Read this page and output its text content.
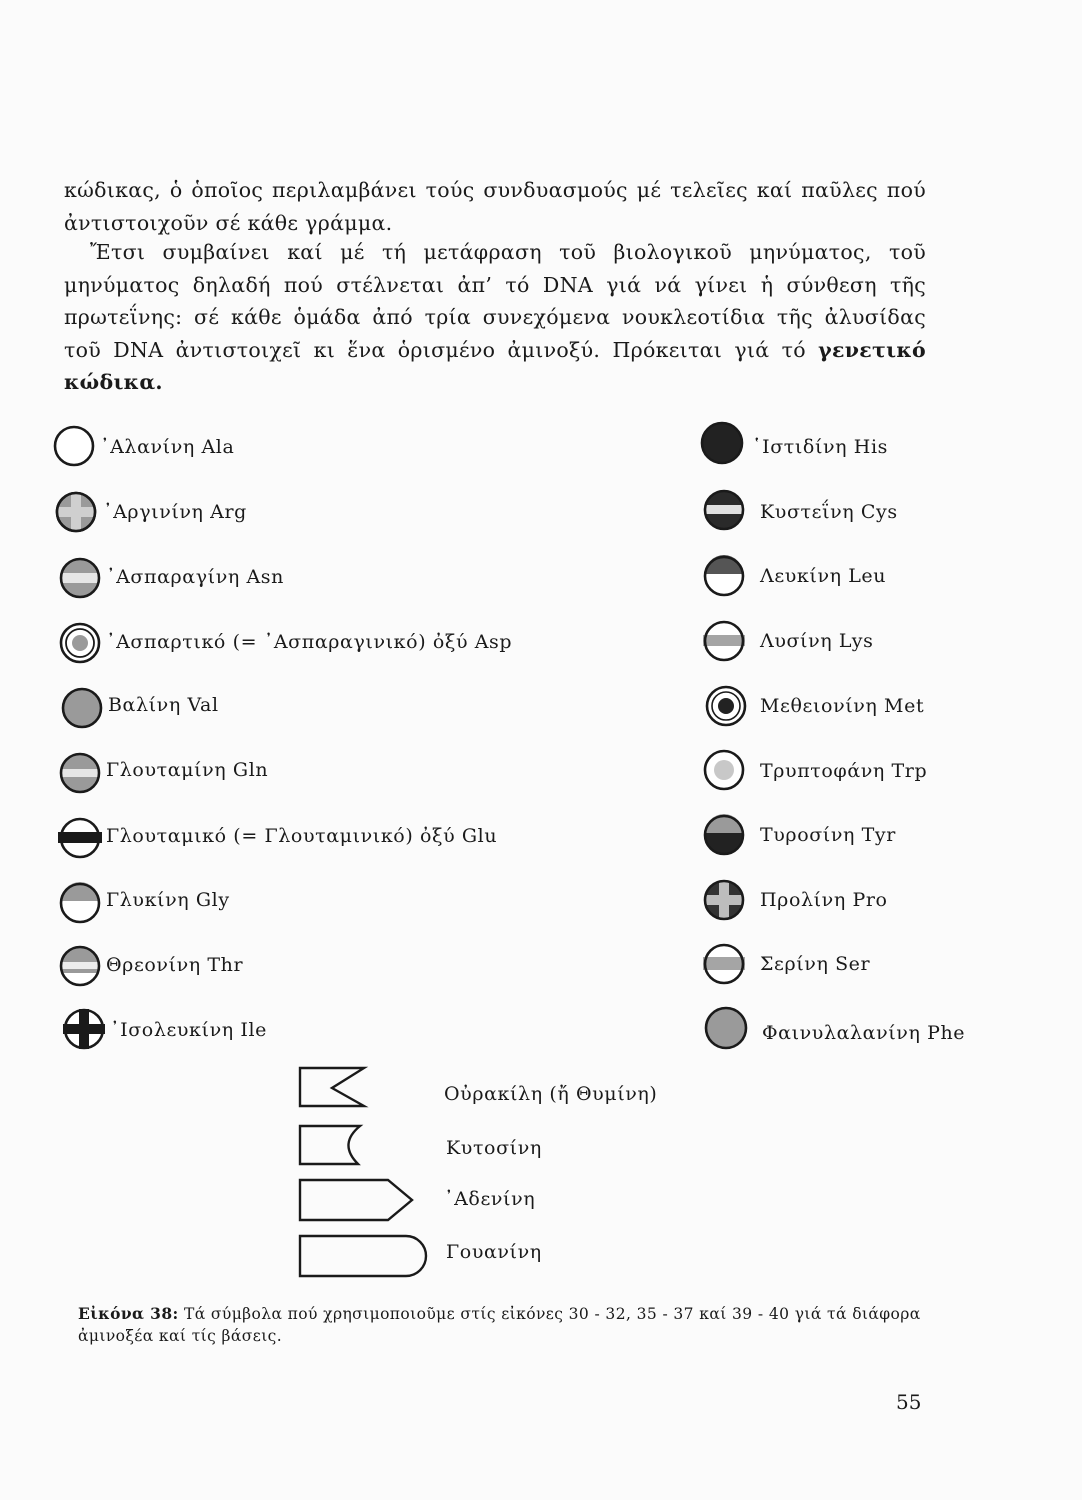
κώδικας, ὁ ὁποῖος περιλαμβάνει τούς συνδυασμούς μέ τελεῖες καί παῦλες πού ἀντιστοιχοῦν σέ κάθε γράμμα.

Ἔτσι συμβαίνει καί μέ τή μετάφραση τοῦ βιολογικοῦ μηνύματος, τοῦ μηνύματος δηλαδή πού στέλνεται ἀπ’ τό DNA γιά νά γίνει ἡ σύνθεση τῆς πρωτεΐνης: σέ κάθε ὁμάδα ἀπό τρία συνεχόμενα νουκλεοτίδια τῆς ἀλυσίδας τοῦ DNA ἀντιστοιχεῖ κι ἕνα ὁρισμένο ἀμινοξύ. Πρόκειται γιά τό γενετικό κώδικα.

᾿Αλανίνη Ala
᾿Αργινίνη Arg
᾿Ασπαραγίνη Asn
᾿Ασπαρτικό (= ᾿Ασπαραγινικό) ὀξύ Asp
Βαλίνη Val
Γλουταμίνη Gln
Γλουταμικό (= Γλουταμινικό) ὀξύ Glu
Γλυκίνη Gly
Θρεονίνη Thr
᾿Ισολευκίνη Ile
῾Ιστιδίνη His
Κυστεΐνη Cys
Λευκίνη Leu
Λυσίνη Lys
Μεθειονίνη Met
Τρυπτοφάνη Trp
Τυροσίνη Tyr
Προλίνη Pro
Σερίνη Ser
Φαινυλαλανίνη Phe
Οὐρακίλη (ἤ Θυμίνη)
Κυτοσίνη
᾿Αδενίνη
Γουανίνη
Εἰκόνα 38: Τά σύμβολα πού χρησιμοποιοῦμε στίς εἰκόνες 30 - 32, 35 - 37 καί 39 - 40 γιά τά διάφορα ἀμινοξέα καί τίς βάσεις.
55
